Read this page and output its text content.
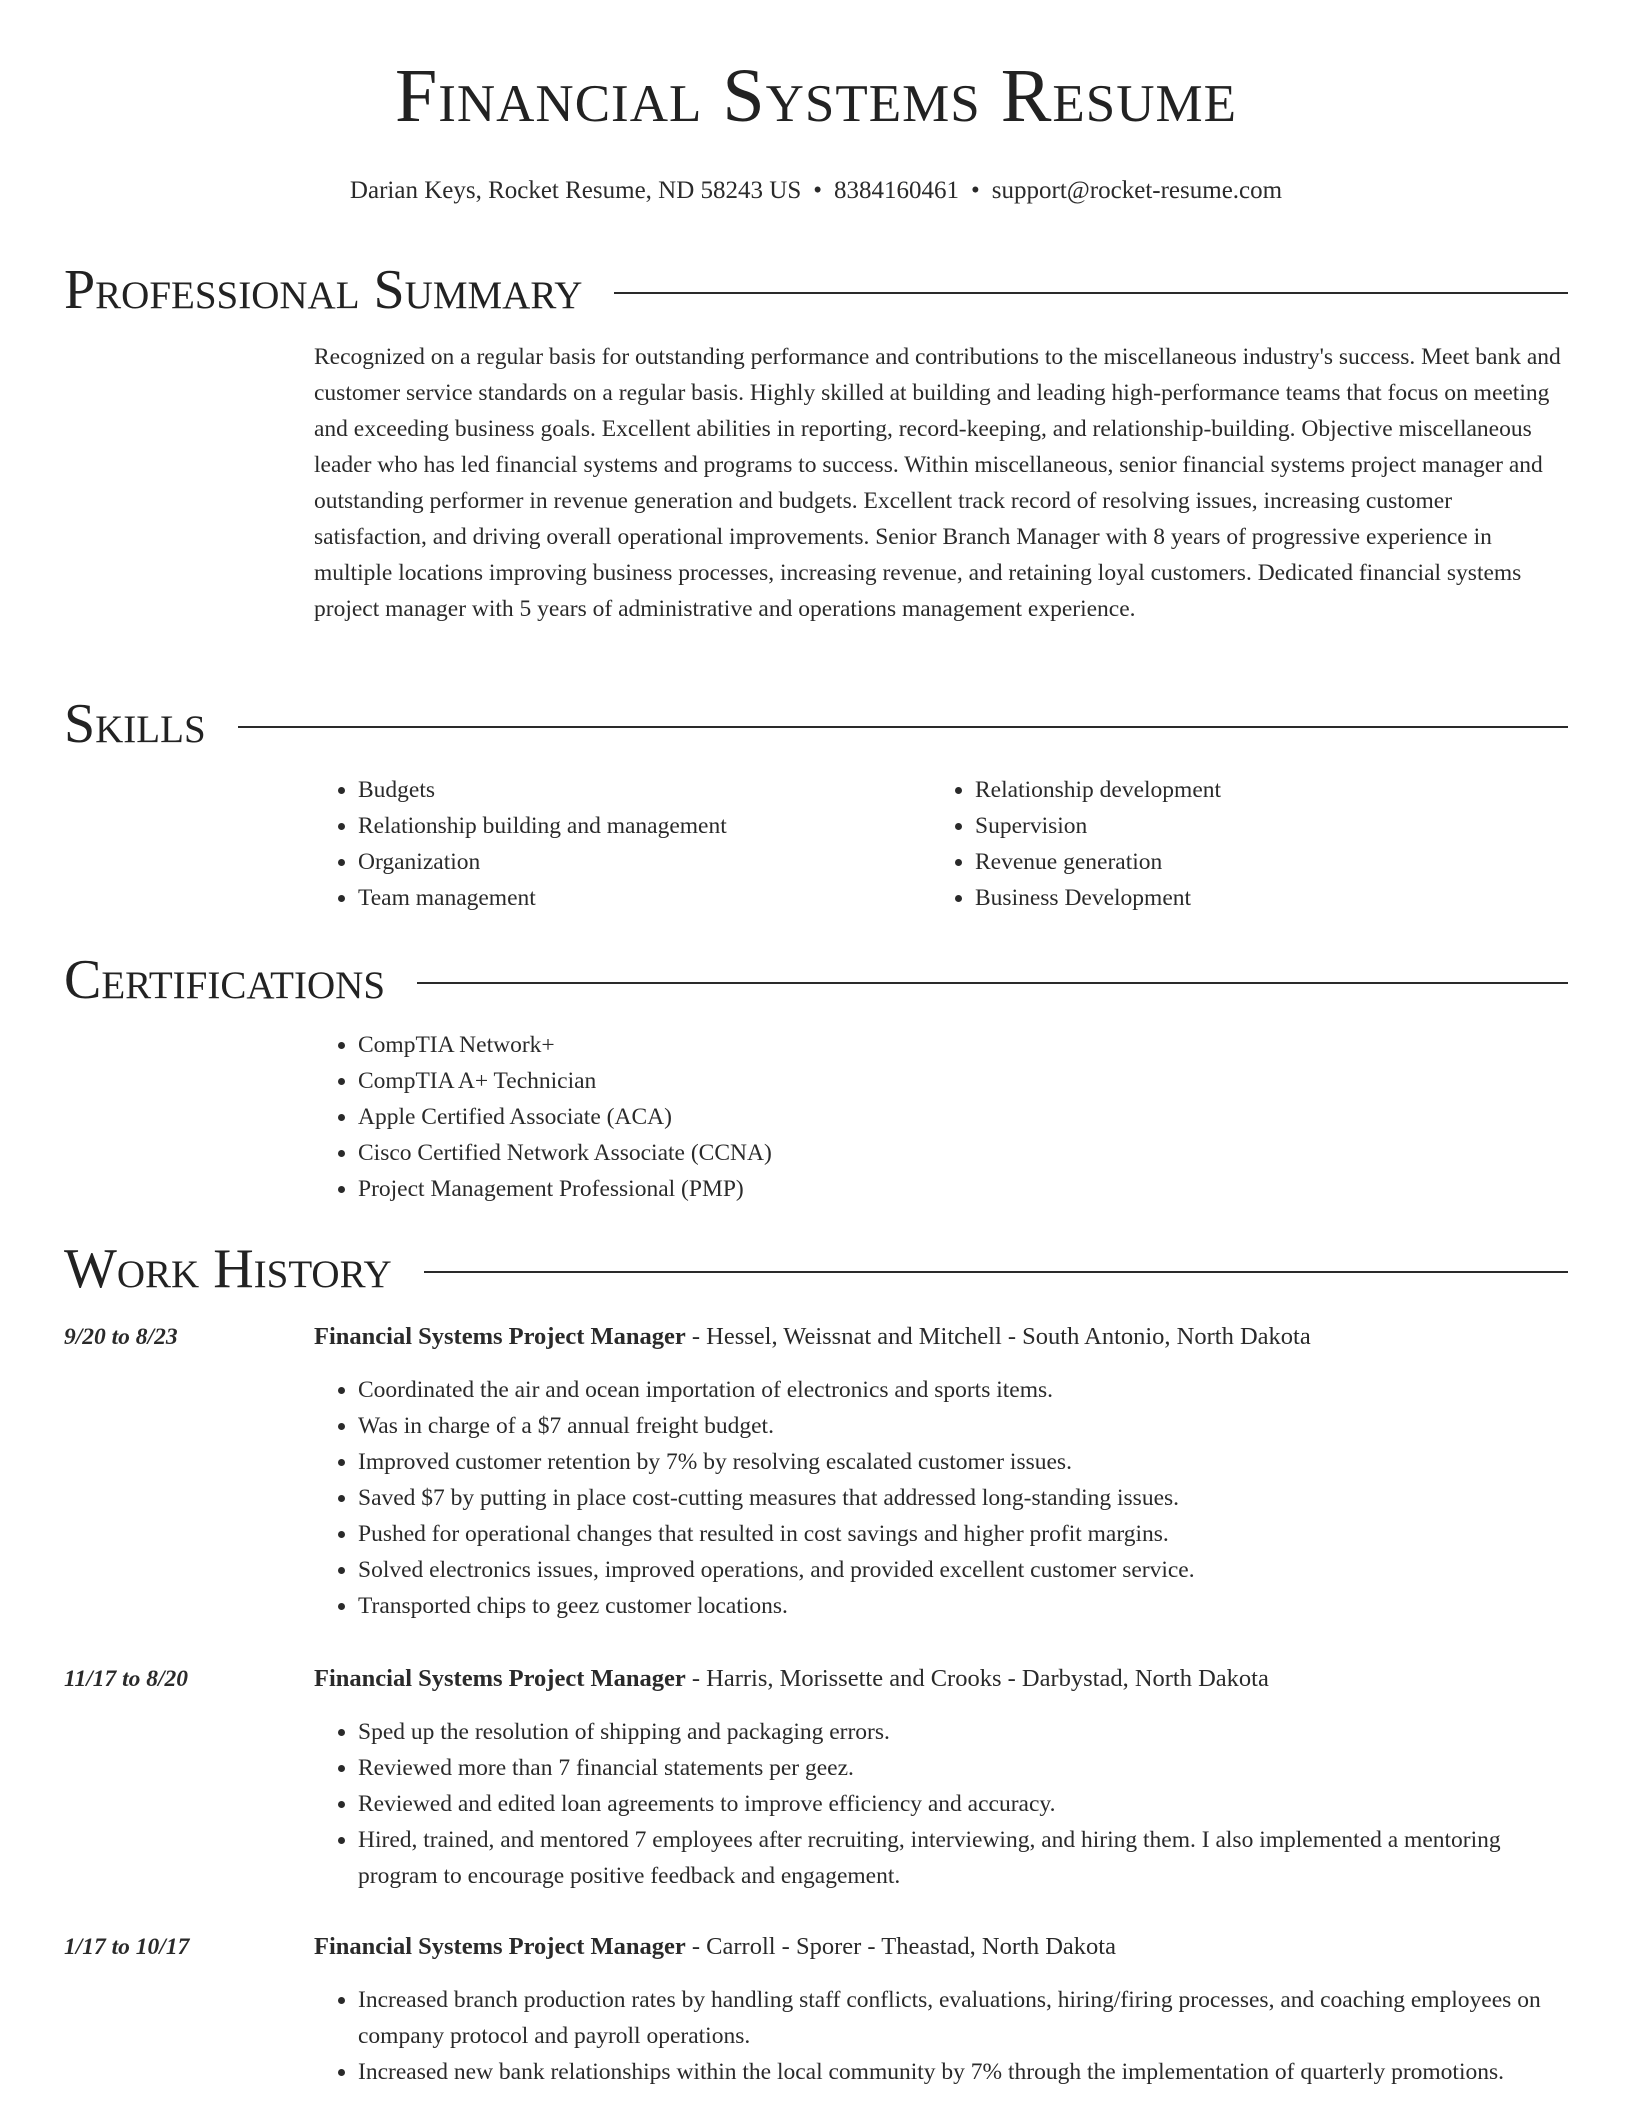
Financial Systems Resume
Darian Keys, Rocket Resume, ND 58243 US • 8384160461 • support@rocket-resume.com
Professional Summary

Recognized on a regular basis for outstanding performance and contributions to the miscellaneous industry's success. Meet bank and customer service standards on a regular basis. Highly skilled at building and leading high-performance teams that focus on meeting and exceeding business goals. Excellent abilities in reporting, record-keeping, and relationship-building. Objective miscellaneous leader who has led financial systems and programs to success. Within miscellaneous, senior financial systems project manager and outstanding performer in revenue generation and budgets. Excellent track record of resolving issues, increasing customer satisfaction, and driving overall operational improvements. Senior Branch Manager with 8 years of progressive experience in multiple locations improving business processes, increasing revenue, and retaining loyal customers. Dedicated financial systems project manager with 5 years of administrative and operations management experience.

Skills
• Budgets
• Relationship building and management
• Organization
• Team management
• Relationship development
• Supervision
• Revenue generation
• Business Development
Certifications
• CompTIA Network+
• CompTIA A+ Technician
• Apple Certified Associate (ACA)
• Cisco Certified Network Associate (CCNA)
• Project Management Professional (PMP)
Work History
9/20 to 8/23	Financial Systems Project Manager - Hessel, Weissnat and Mitchell - South Antonio, North Dakota
• Coordinated the air and ocean importation of electronics and sports items.
• Was in charge of a $7 annual freight budget.
• Improved customer retention by 7% by resolving escalated customer issues.
• Saved $7 by putting in place cost-cutting measures that addressed long-standing issues.
• Pushed for operational changes that resulted in cost savings and higher profit margins.
• Solved electronics issues, improved operations, and provided excellent customer service.
• Transported chips to geez customer locations.
11/17 to 8/20	Financial Systems Project Manager - Harris, Morissette and Crooks - Darbystad, North Dakota
• Sped up the resolution of shipping and packaging errors.
• Reviewed more than 7 financial statements per geez.
• Reviewed and edited loan agreements to improve efficiency and accuracy.
• Hired, trained, and mentored 7 employees after recruiting, interviewing, and hiring them. I also implemented a mentoring program to encourage positive feedback and engagement.
1/17 to 10/17	Financial Systems Project Manager - Carroll - Sporer - Theastad, North Dakota
• Increased branch production rates by handling staff conflicts, evaluations, hiring/firing processes, and coaching employees on company protocol and payroll operations.
• Increased new bank relationships within the local community by 7% through the implementation of quarterly promotions.
